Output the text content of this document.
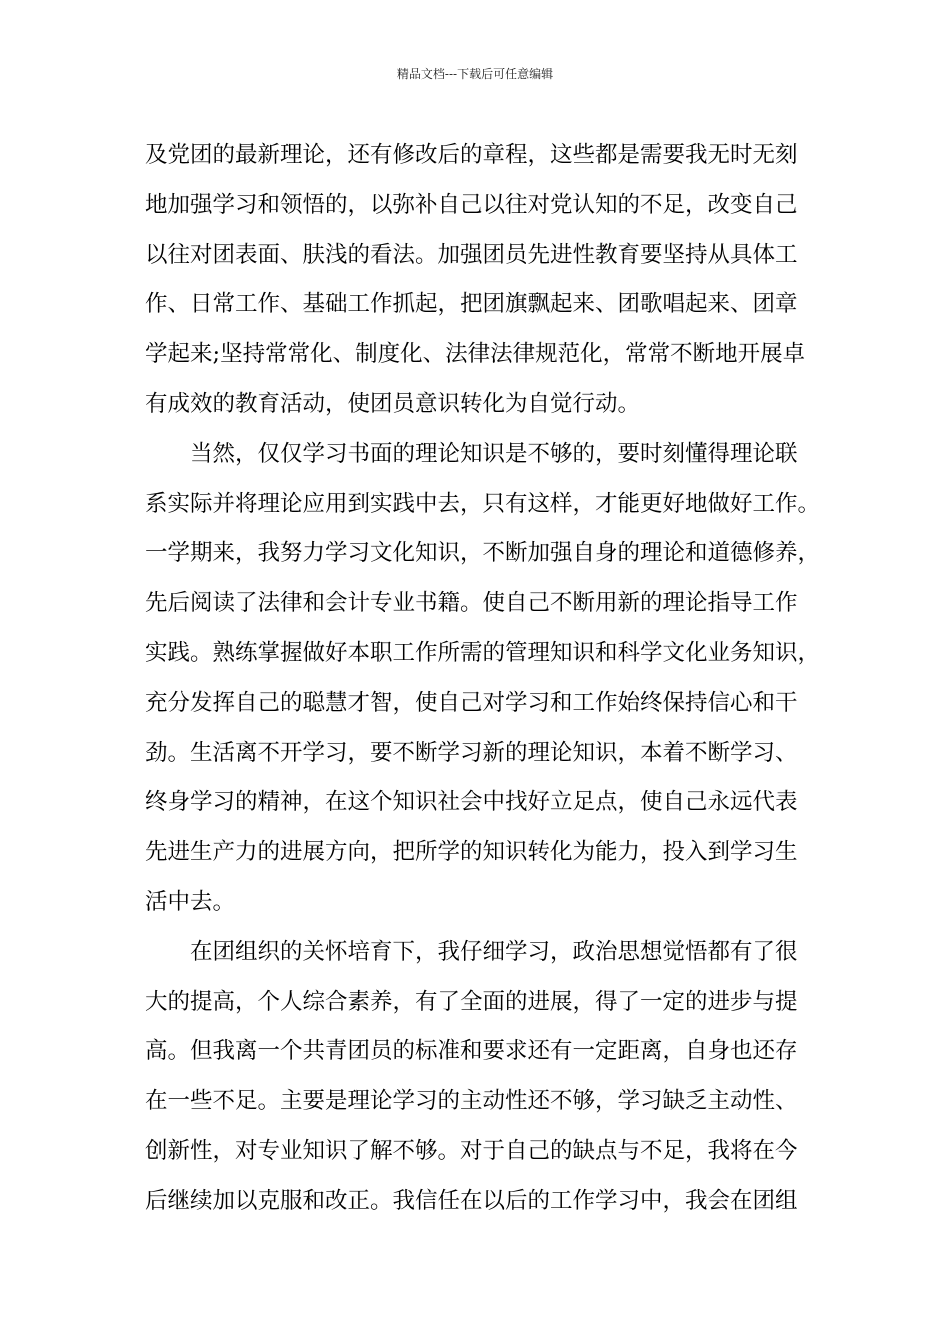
精品文档---下载后可任意编辑
及党团的最新理论，还有修改后的章程，这些都是需要我无时无刻
地加强学习和领悟的，以弥补自己以往对党认知的不足，改变自己
以往对团表面、肤浅的看法。加强团员先进性教育要坚持从具体工
作、日常工作、基础工作抓起，把团旗飘起来、团歌唱起来、团章
学起来;坚持常常化、制度化、法律法律规范化，常常不断地开展卓
有成效的教育活动，使团员意识转化为自觉行动。
当然，仅仅学习书面的理论知识是不够的，要时刻懂得理论联
系实际并将理论应用到实践中去，只有这样，才能更好地做好工作。
一学期来，我努力学习文化知识，不断加强自身的理论和道德修养，
先后阅读了法律和会计专业书籍。使自己不断用新的理论指导工作
实践。熟练掌握做好本职工作所需的管理知识和科学文化业务知识，
充分发挥自己的聪慧才智，使自己对学习和工作始终保持信心和干
劲。生活离不开学习，要不断学习新的理论知识，本着不断学习、
终身学习的精神，在这个知识社会中找好立足点，使自己永远代表
先进生产力的进展方向，把所学的知识转化为能力，投入到学习生
活中去。
在团组织的关怀培育下，我仔细学习，政治思想觉悟都有了很
大的提高，个人综合素养，有了全面的进展，得了一定的进步与提
高。但我离一个共青团员的标准和要求还有一定距离，自身也还存
在一些不足。主要是理论学习的主动性还不够，学习缺乏主动性、
创新性，对专业知识了解不够。对于自己的缺点与不足，我将在今
后继续加以克服和改正。我信任在以后的工作学习中，我会在团组
